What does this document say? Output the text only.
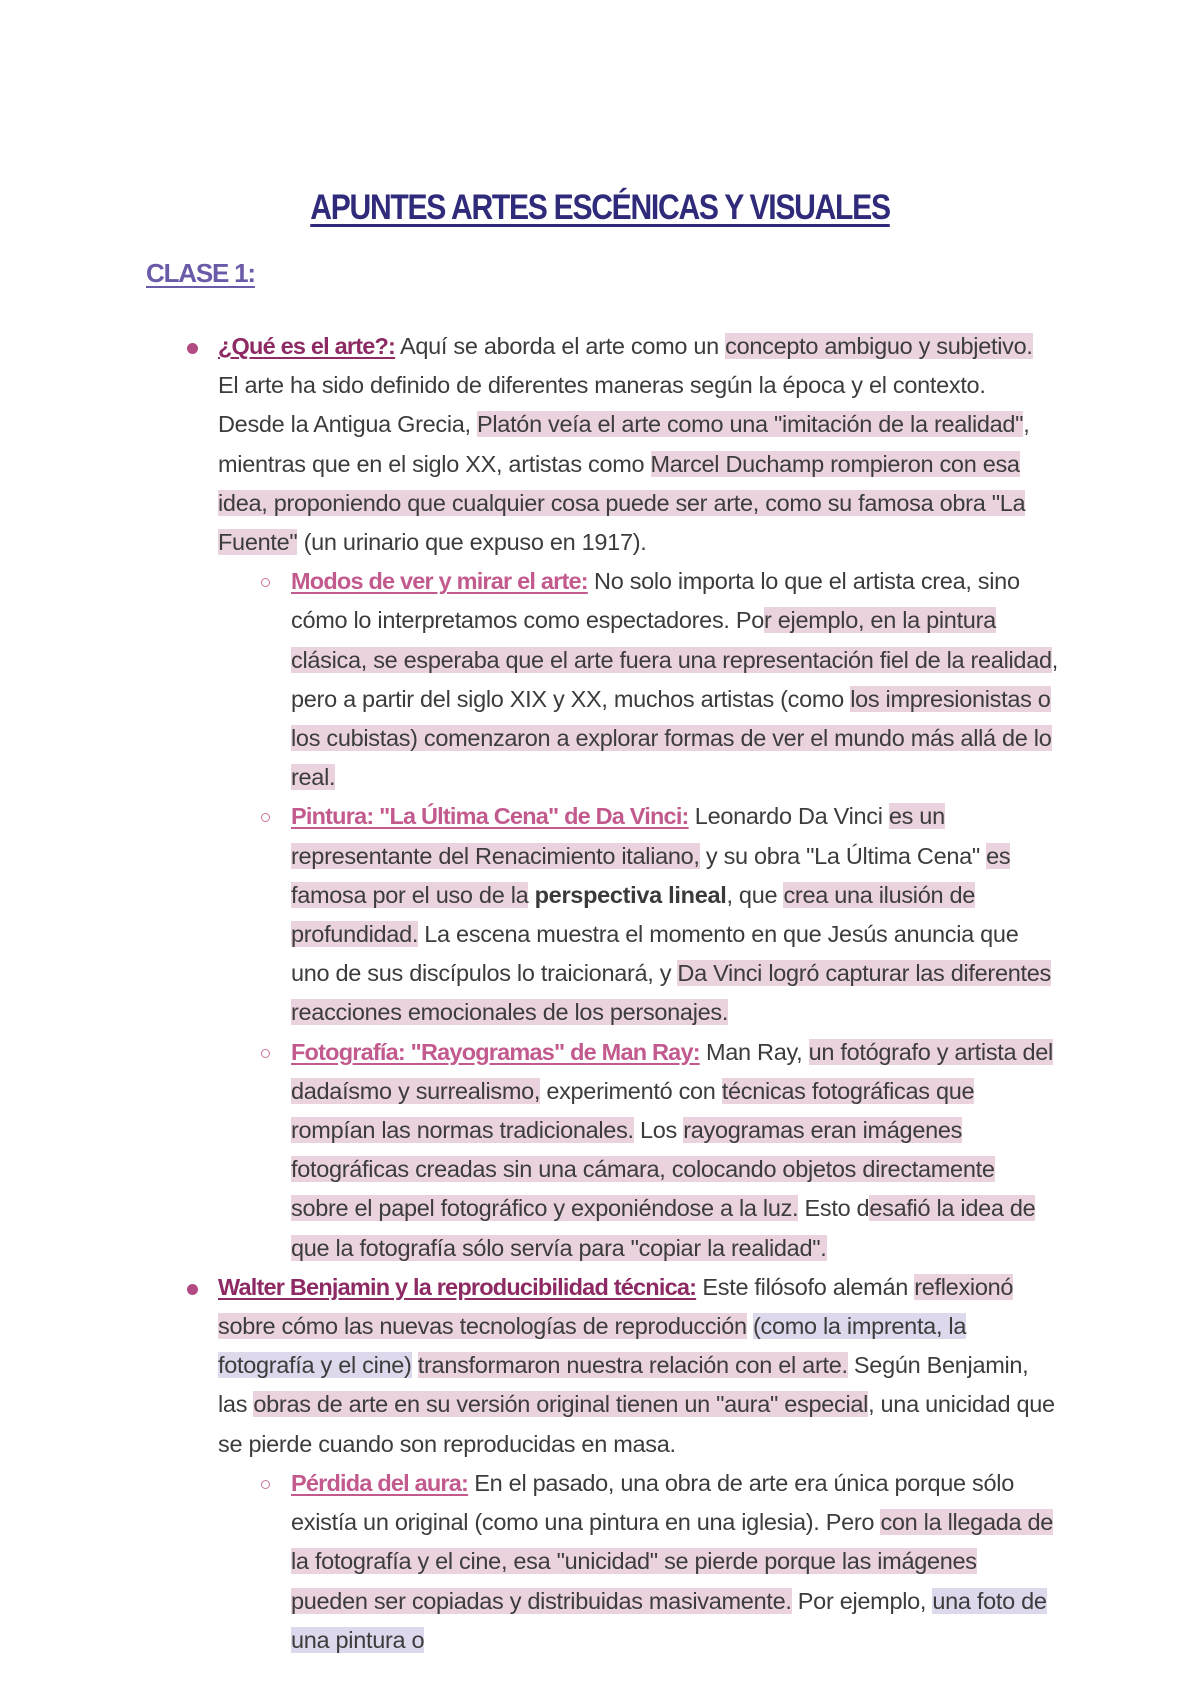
APUNTES ARTES ESCÉNICAS Y VISUALES
CLASE 1:
¿Qué es el arte?: Aquí se aborda el arte como un concepto ambiguo y subjetivo. El arte ha sido definido de diferentes maneras según la época y el contexto. Desde la Antigua Grecia, Platón veía el arte como una "imitación de la realidad", mientras que en el siglo XX, artistas como Marcel Duchamp rompieron con esa idea, proponiendo que cualquier cosa puede ser arte, como su famosa obra "La Fuente" (un urinario que expuso en 1917).
Modos de ver y mirar el arte: No solo importa lo que el artista crea, sino cómo lo interpretamos como espectadores. Por ejemplo, en la pintura clásica, se esperaba que el arte fuera una representación fiel de la realidad, pero a partir del siglo XIX y XX, muchos artistas (como los impresionistas o los cubistas) comenzaron a explorar formas de ver el mundo más allá de lo real.
Pintura: "La Última Cena" de Da Vinci: Leonardo Da Vinci es un representante del Renacimiento italiano, y su obra "La Última Cena" es famosa por el uso de la perspectiva lineal, que crea una ilusión de profundidad. La escena muestra el momento en que Jesús anuncia que uno de sus discípulos lo traicionará, y Da Vinci logró capturar las diferentes reacciones emocionales de los personajes.
Fotografía: "Rayogramas" de Man Ray: Man Ray, un fotógrafo y artista del dadaísmo y surrealismo, experimentó con técnicas fotográficas que rompían las normas tradicionales. Los rayogramas eran imágenes fotográficas creadas sin una cámara, colocando objetos directamente sobre el papel fotográfico y exponiéndose a la luz. Esto desafió la idea de que la fotografía sólo servía para "copiar la realidad".
Walter Benjamin y la reproducibilidad técnica: Este filósofo alemán reflexionó sobre cómo las nuevas tecnologías de reproducción (como la imprenta, la fotografía y el cine) transformaron nuestra relación con el arte. Según Benjamin, las obras de arte en su versión original tienen un "aura" especial, una unicidad que se pierde cuando son reproducidas en masa.
Pérdida del aura: En el pasado, una obra de arte era única porque sólo existía un original (como una pintura en una iglesia). Pero con la llegada de la fotografía y el cine, esa "unicidad" se pierde porque las imágenes pueden ser copiadas y distribuidas masivamente. Por ejemplo, una foto de una pintura o
